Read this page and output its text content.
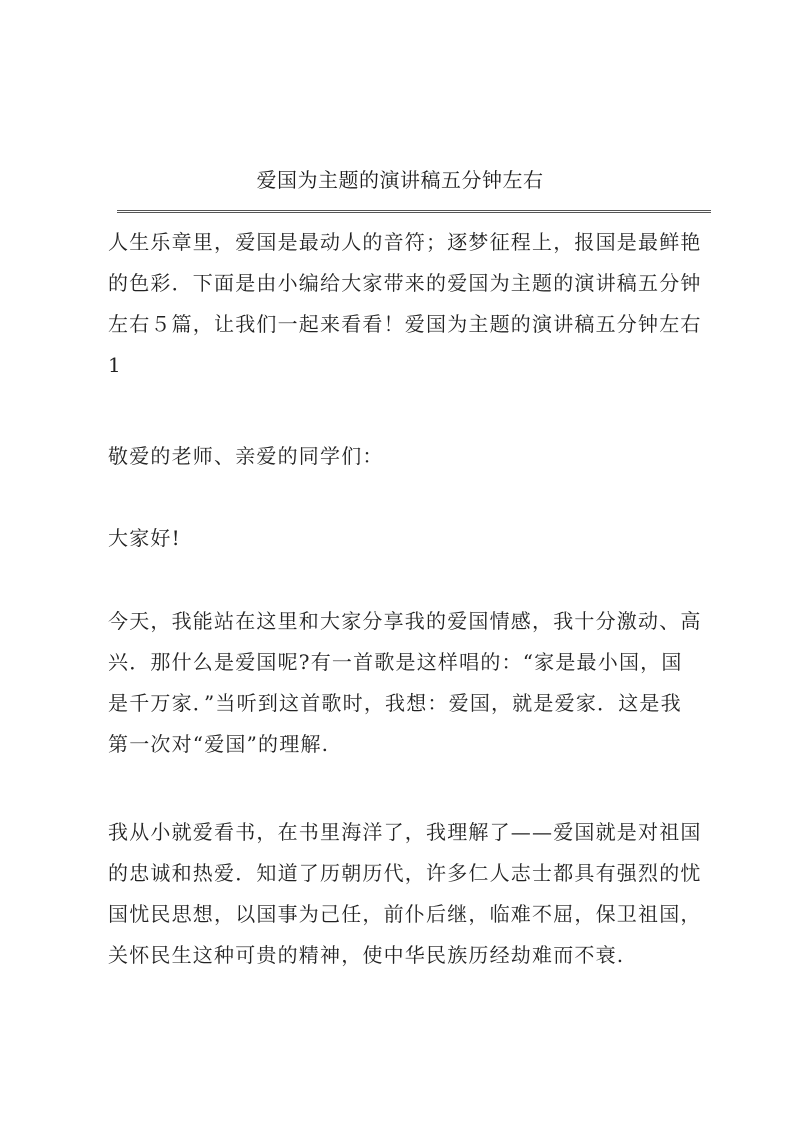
爱国为主题的演讲稿五分钟左右
人生乐章里，爱国是最动人的音符；逐梦征程上，报国是最鲜艳
的色彩．下面是由小编给大家带来的爱国为主题的演讲稿五分钟
左右５篇，让我们一起来看看！爱国为主题的演讲稿五分钟左右
1
敬爱的老师、亲爱的同学们：
大家好!
今天，我能站在这里和大家分享我的爱国情感，我十分激动、高
兴．那什么是爱国呢?有一首歌是这样唱的：“家是最小国，国
是千万家．”当听到这首歌时，我想：爱国，就是爱家．这是我
第一次对“爱国”的理解.
我从小就爱看书，在书里海洋了，我理解了——爱国就是对祖国
的忠诚和热爱．知道了历朝历代，许多仁人志士都具有强烈的忧
国忧民思想，以国事为己任，前仆后继，临难不屈，保卫祖国，
关怀民生这种可贵的精神，使中华民族历经劫难而不衰.
